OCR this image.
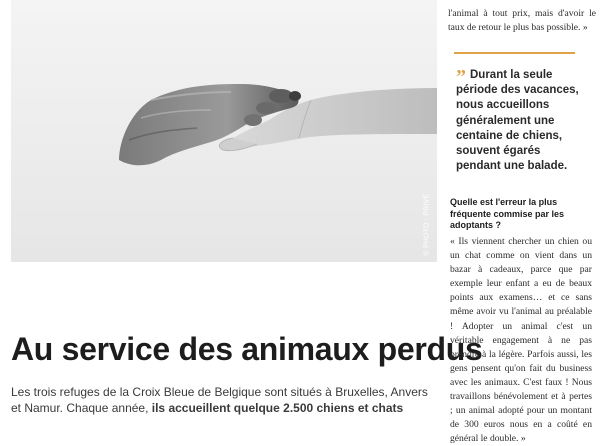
© PHOTO : PRIVÉ
Au service des animaux perdus
Les trois refuges de la Croix Bleue de Belgique sont situés à Bruxelles, Anvers
et Namur. Chaque année, ils accueillent quelque 2.500 chiens et chats
l'animal à tout prix, mais d'avoir le taux de retour le plus bas possible. »
” Durant la seule période des vacances, nous accueillons généralement une centaine de chiens, souvent égarés pendant une balade.
Quelle est l'erreur la plus fréquente commise par les adoptants ?
« Ils viennent chercher un chien ou un chat comme on vient dans un bazar à cadeaux, parce que par exemple leur enfant a eu de beaux points aux examens… et ce sans même avoir vu l'animal au préalable ! Adopter un animal c'est un véritable engagement à ne pas prendre à la légère. Parfois aussi, les gens pensent qu'on fait du business avec les animaux. C'est faux ! Nous travaillons bénévolement et à pertes ; un animal adopté pour un montant de 300 euros nous en a coûté en général le double. »
